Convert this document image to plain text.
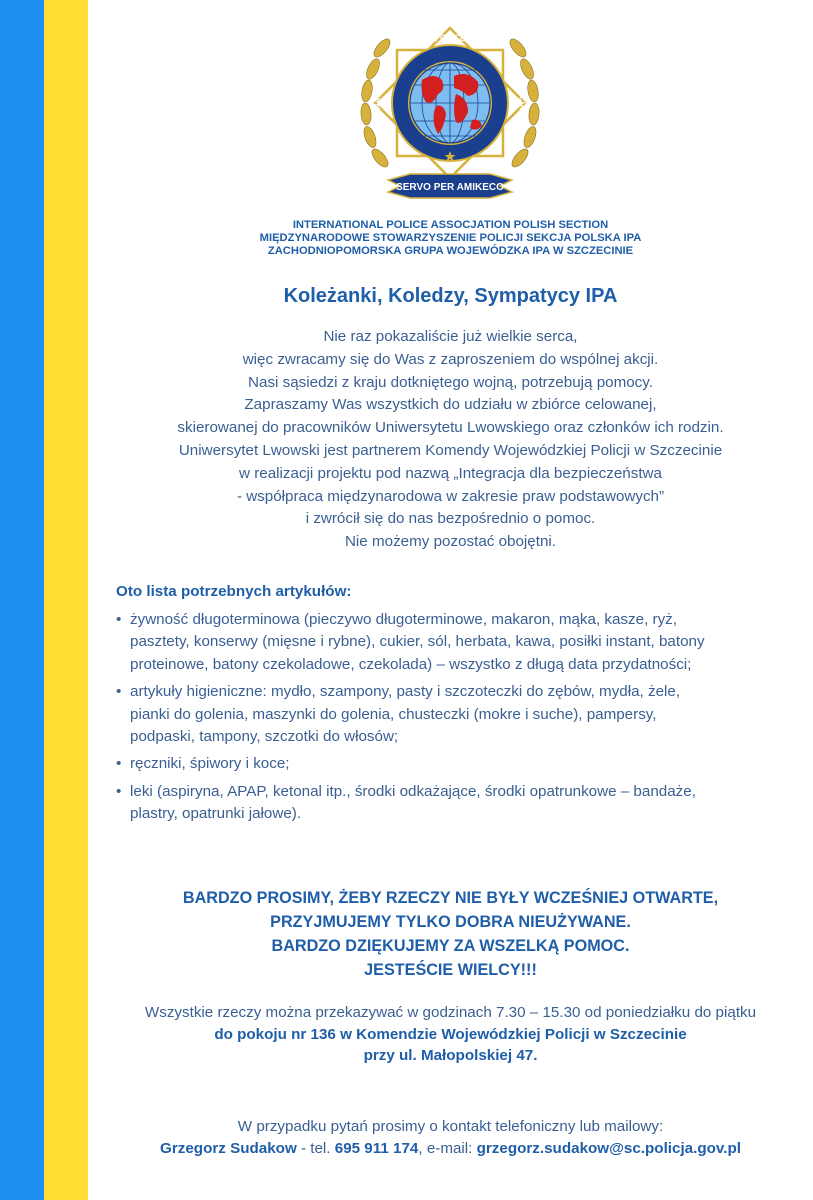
INTERNATIONAL
POLICE
ASSOCIATION
SERVO PER AMIKECO
INTERNATIONAL POLICE ASSOCJATION POLISH SECTION
MIĘDZYNARODOWE STOWARZYSZENIE POLICJI SEKCJA POLSKA IPA
ZACHODNIOPOMORSKA GRUPA WOJEWÓDZKA IPA W SZCZECINIE
Koleżanki, Koledzy, Sympatycy IPA
Nie raz pokazaliście już wielkie serca,
więc zwracamy się do Was z zaproszeniem do wspólnej akcji.
Nasi sąsiedzi z kraju dotkniętego wojną, potrzebują pomocy.
Zapraszamy Was wszystkich do udziału w zbiórce celowanej,
skierowanej do pracowników Uniwersytetu Lwowskiego oraz członków ich rodzin.
Uniwersytet Lwowski jest partnerem Komendy Wojewódzkiej Policji w Szczecinie
w realizacji projektu pod nazwą „Integracja dla bezpieczeństwa
- współpraca międzynarodowa w zakresie praw podstawowych”
i zwrócił się do nas bezpośrednio o pomoc.
Nie możemy pozostać obojętni.
Oto lista potrzebnych artykułów:
• żywność długoterminowa (pieczywo długoterminowe, makaron, mąka, kasze, ryż,
pasztety, konserwy (mięsne i rybne), cukier, sól, herbata, kawa, posiłki instant, batony
proteinowe, batony czekoladowe, czekolada) – wszystko z długą data przydatności;
• artykuły higieniczne: mydło, szampony, pasty i szczoteczki do zębów, mydła, żele,
pianki do golenia, maszynki do golenia, chusteczki (mokre i suche), pampersy,
podpaski, tampony, szczotki do włosów;
• ręczniki, śpiwory i koce;
• leki (aspiryna, APAP, ketonal itp., środki odkażające, środki opatrunkowe – bandaże,
plastry, opatrunki jałowe).
BARDZO PROSIMY, ŻEBY RZECZY NIE BYŁY WCZEŚNIEJ OTWARTE,
PRZYJMUJEMY TYLKO DOBRA NIEUŻYWANE.
BARDZO DZIĘKUJEMY ZA WSZELKĄ POMOC.
JESTEŚCIE WIELCY!!!
Wszystkie rzeczy można przekazywać w godzinach 7.30 – 15.30 od poniedziałku do piątku
do pokoju nr 136 w Komendzie Wojewódzkiej Policji w Szczecinie
przy ul. Małopolskiej 47.
W przypadku pytań prosimy o kontakt telefoniczny lub mailowy:
Grzegorz Sudakow - tel. 695 911 174, e-mail: grzegorz.sudakow@sc.policja.gov.pl
